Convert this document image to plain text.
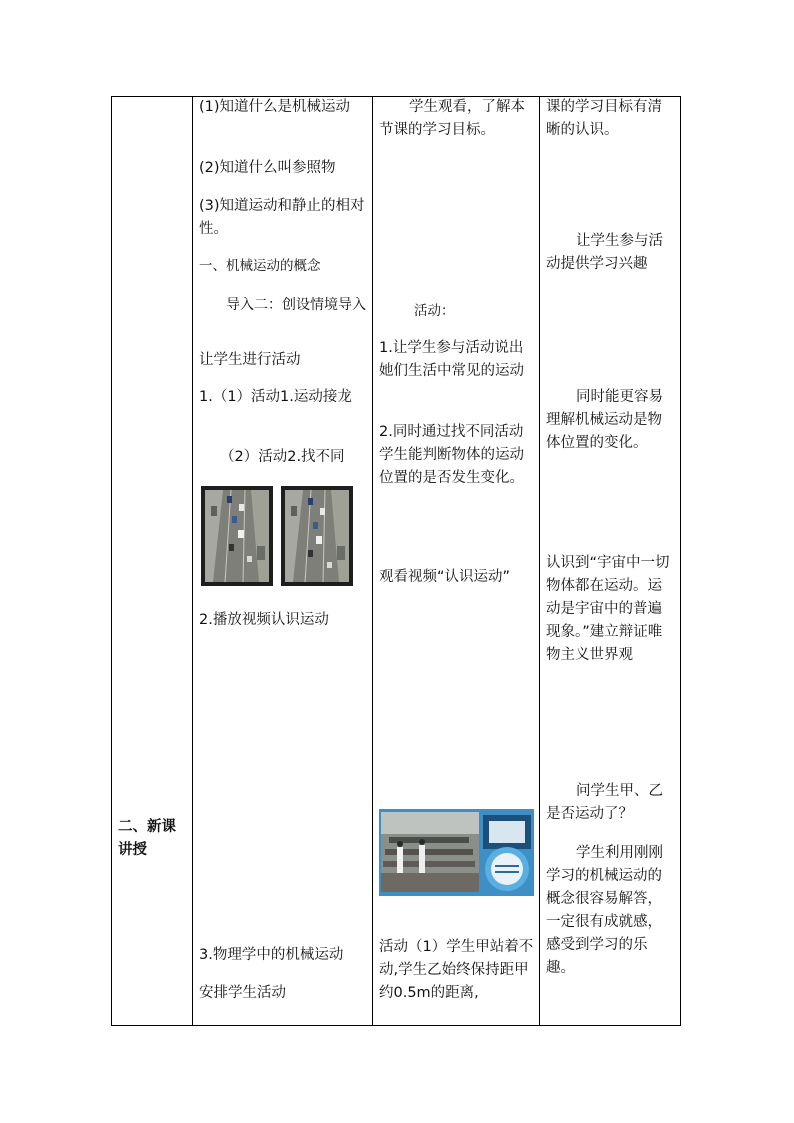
二、新课讲授
(1)知道什么是机械运动
(2)知道什么叫参照物
(3)知道运动和静止的相对性。
一、机械运动的概念
导入二：创设情境导入
让学生进行活动
1.（1）活动1.运动接龙
（2）活动2.找不同
2.播放视频认识运动
3.物理学中的机械运动
安排学生活动
学生观看，了解本节课的学习目标。
活动：
1.让学生参与活动说出她们生活中常见的运动
2.同时通过找不同活动学生能判断物体的运动位置的是否发生变化。
观看视频“认识运动”
活动（1）学生甲站着不动,学生乙始终保持距甲约0.5m的距离,
课的学习目标有清晰的认识。
让学生参与活动提供学习兴趣
同时能更容易理解机械运动是物体位置的变化。
认识到“宇宙中一切物体都在运动。运动是宇宙中的普遍现象。”建立辩证唯物主义世界观
问学生甲、乙是否运动了？
学生利用刚刚学习的机械运动的概念很容易解答，一定很有成就感，感受到学习的乐趣。
